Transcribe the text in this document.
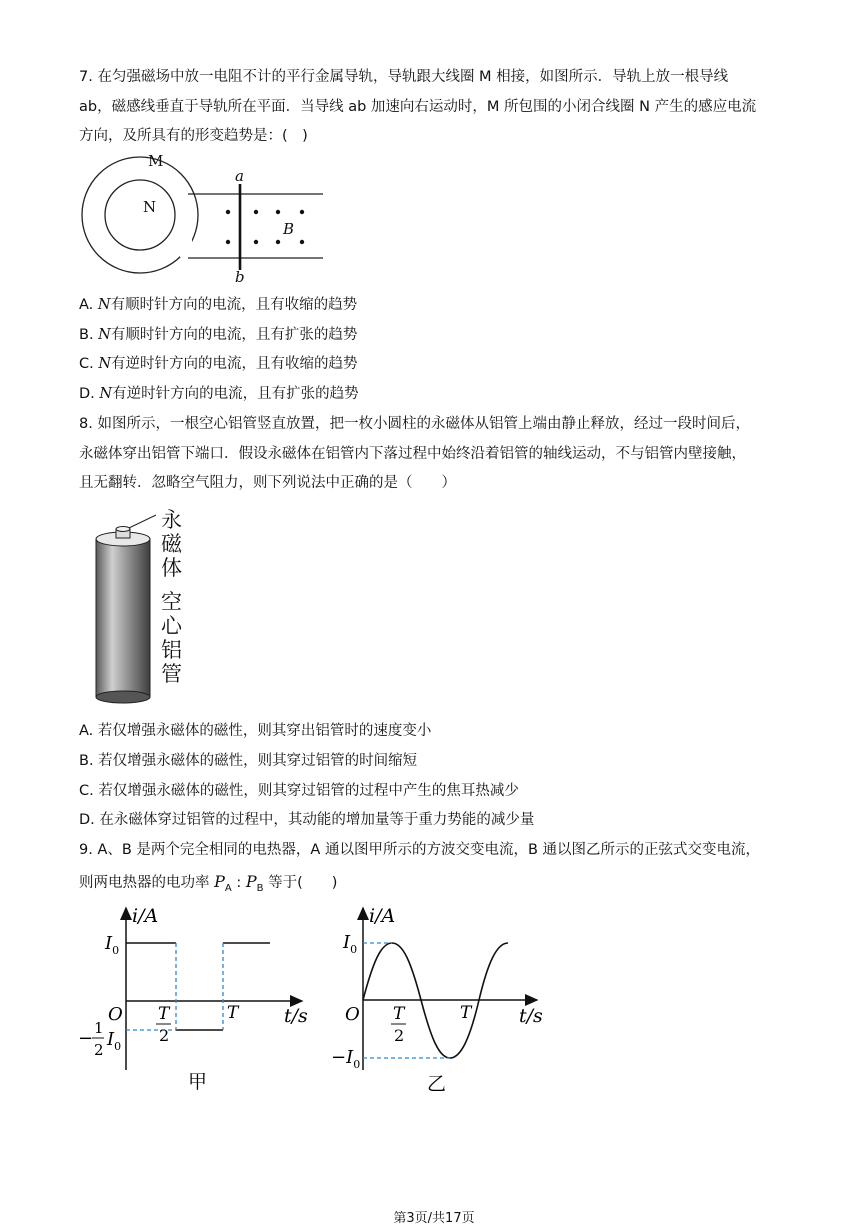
7. 在匀强磁场中放一电阻不计的平行金属导轨，导轨跟大线圈 M 相接，如图所示．导轨上放一根导线
ab，磁感线垂直于导轨所在平面．当导线 ab 加速向右运动时，M 所包围的小闭合线圈 N 产生的感应电流
方向，及所具有的形变趋势是：(　)
M
N
a
b
B
A. N有顺时针方向的电流，且有收缩的趋势
B. N有顺时针方向的电流，且有扩张的趋势
C. N有逆时针方向的电流，且有收缩的趋势
D. N有逆时针方向的电流，且有扩张的趋势
8. 如图所示，一根空心铝管竖直放置，把一枚小圆柱的永磁体从铝管上端由静止释放，经过一段时间后，
永磁体穿出铝管下端口．假设永磁体在铝管内下落过程中始终沿着铝管的轴线运动，不与铝管内壁接触，
且无翻转．忽略空气阻力，则下列说法中正确的是（　　）
永
磁
体
空
心
铝
管
A. 若仅增强永磁体的磁性，则其穿出铝管时的速度变小
B. 若仅增强永磁体的磁性，则其穿过铝管的时间缩短
C. 若仅增强永磁体的磁性，则其穿过铝管的过程中产生的焦耳热减少
D. 在永磁体穿过铝管的过程中，其动能的增加量等于重力势能的减少量
9. A、B 是两个完全相同的电热器，A 通以图甲所示的方波交变电流，B 通以图乙所示的正弦式交变电流，
则两电热器的电功率 $P_A$ : $P_B$ 等于(　　)
i/A
t/s
O
$I_0$
− 1
2 $I_0$
T
2
T
甲
i/A
t/s
O
$I_0$
$-I_0$
T
2
T
乙
第3页/共17页
